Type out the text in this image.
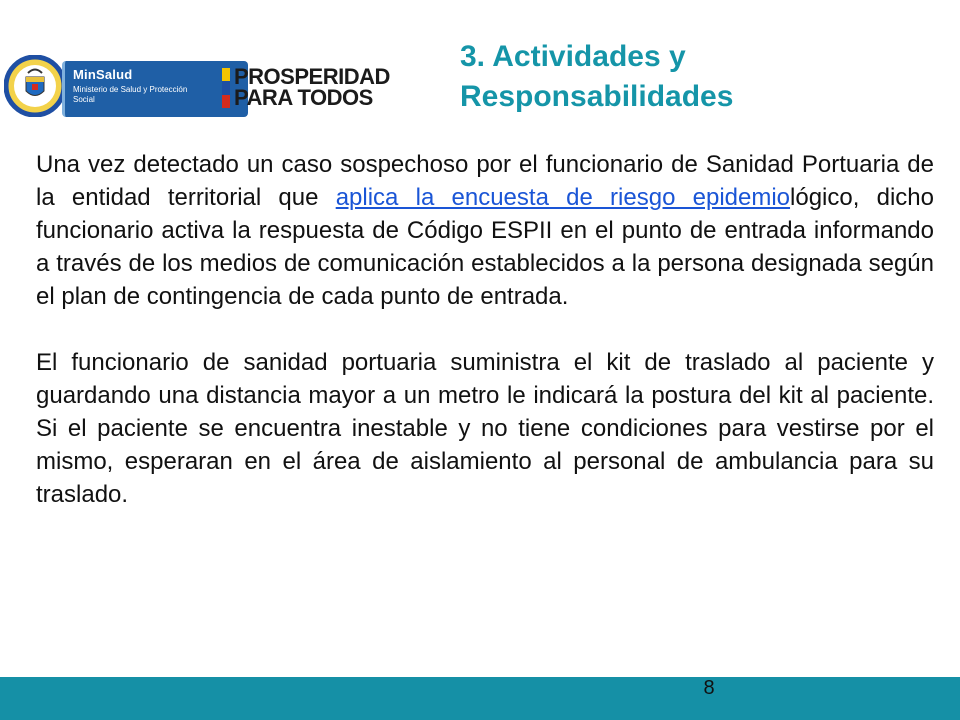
MinSalud
Ministerio de Salud y Protección Social
PROSPERIDAD
PARA TODOS
3. Actividades y
Responsabilidades

Una vez detectado un caso sospechoso por el funcionario de Sanidad Portuaria de la entidad territorial que aplica la encuesta de riesgo epidemiológico, dicho funcionario activa la respuesta de Código ESPII en el punto de entrada informando a través de los medios de comunicación establecidos a la persona designada según el plan de contingencia de cada punto de entrada.

El funcionario de sanidad portuaria suministra el kit de traslado al paciente y guardando una distancia mayor a un metro le indicará la postura del kit al paciente. Si el paciente se encuentra inestable y no tiene condiciones para vestirse por el mismo, esperaran en el área de aislamiento al personal de ambulancia para su traslado.

8
